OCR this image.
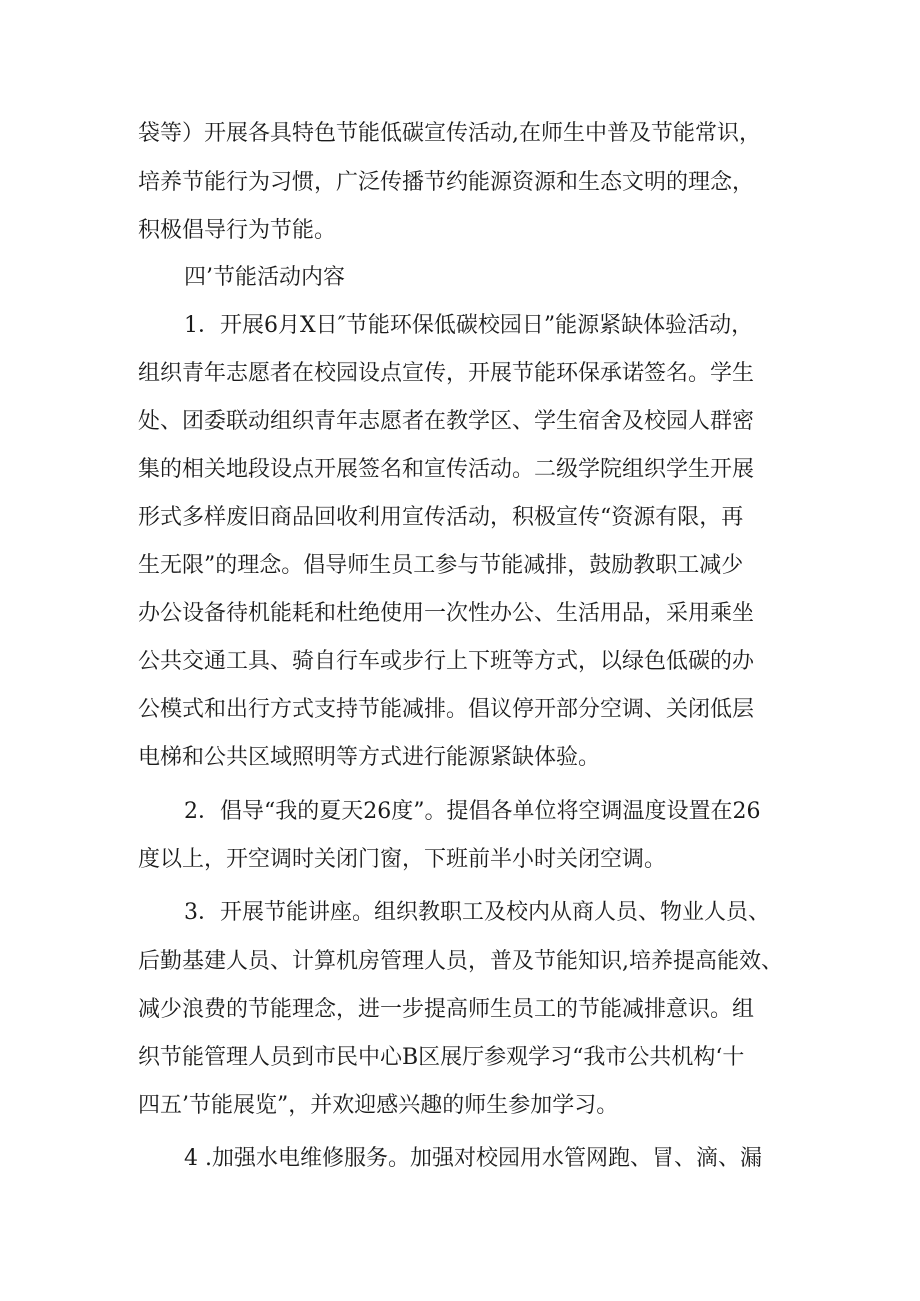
袋等）开展各具特色节能低碳宣传活动,在师生中普及节能常识，
培养节能行为习惯，广泛传播节约能源资源和生态文明的理念，
积极倡导行为节能。
四’节能活动内容
1．开展6月X日″节能环保低碳校园日”能源紧缺体验活动，
组织青年志愿者在校园设点宣传，开展节能环保承诺签名。学生
处、团委联动组织青年志愿者在教学区、学生宿舍及校园人群密
集的相关地段设点开展签名和宣传活动。二级学院组织学生开展
形式多样废旧商品回收利用宣传活动，积极宣传“资源有限，再
生无限”的理念。倡导师生员工参与节能减排，鼓励教职工减少
办公设备待机能耗和杜绝使用一次性办公、生活用品，采用乘坐
公共交通工具、骑自行车或步行上下班等方式，以绿色低碳的办
公模式和出行方式支持节能减排。倡议停开部分空调、关闭低层
电梯和公共区域照明等方式进行能源紧缺体验。
2．倡导“我的夏天26度”。提倡各单位将空调温度设置在26
度以上，开空调时关闭门窗，下班前半小时关闭空调。
3．开展节能讲座。组织教职工及校内从商人员、物业人员、
后勤基建人员、计算机房管理人员，普及节能知识,培养提高能效、
减少浪费的节能理念，进一步提高师生员工的节能减排意识。组
织节能管理人员到市民中心B区展厅参观学习“我市公共机构‘十
四五’节能展览”，并欢迎感兴趣的师生参加学习。
4 .加强水电维修服务。加强对校园用水管网跑、冒、滴、漏
